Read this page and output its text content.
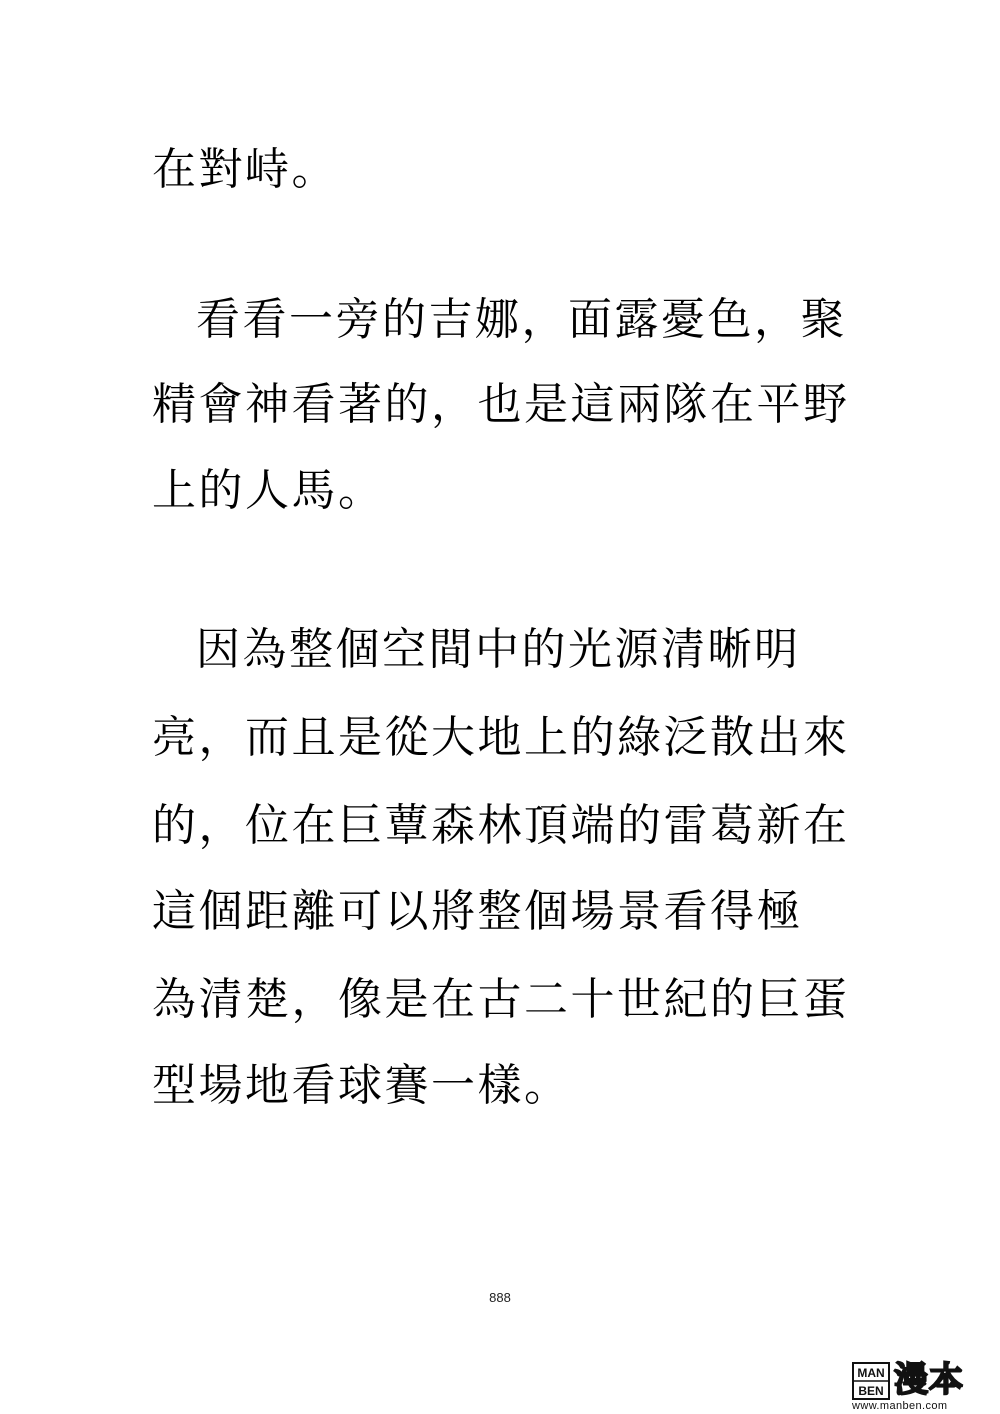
在對峙。
看看一旁的吉娜，面露憂色，聚
精會神看著的，也是這兩隊在平野
上的人馬。
因為整個空間中的光源清晰明
亮，而且是從大地上的綠泛散出來
的，位在巨蕈森林頂端的雷葛新在
這個距離可以將整個場景看得極
為清楚，像是在古二十世紀的巨蛋
型場地看球賽一樣。
888
MAN
BEN 漫本
www.manben.com
